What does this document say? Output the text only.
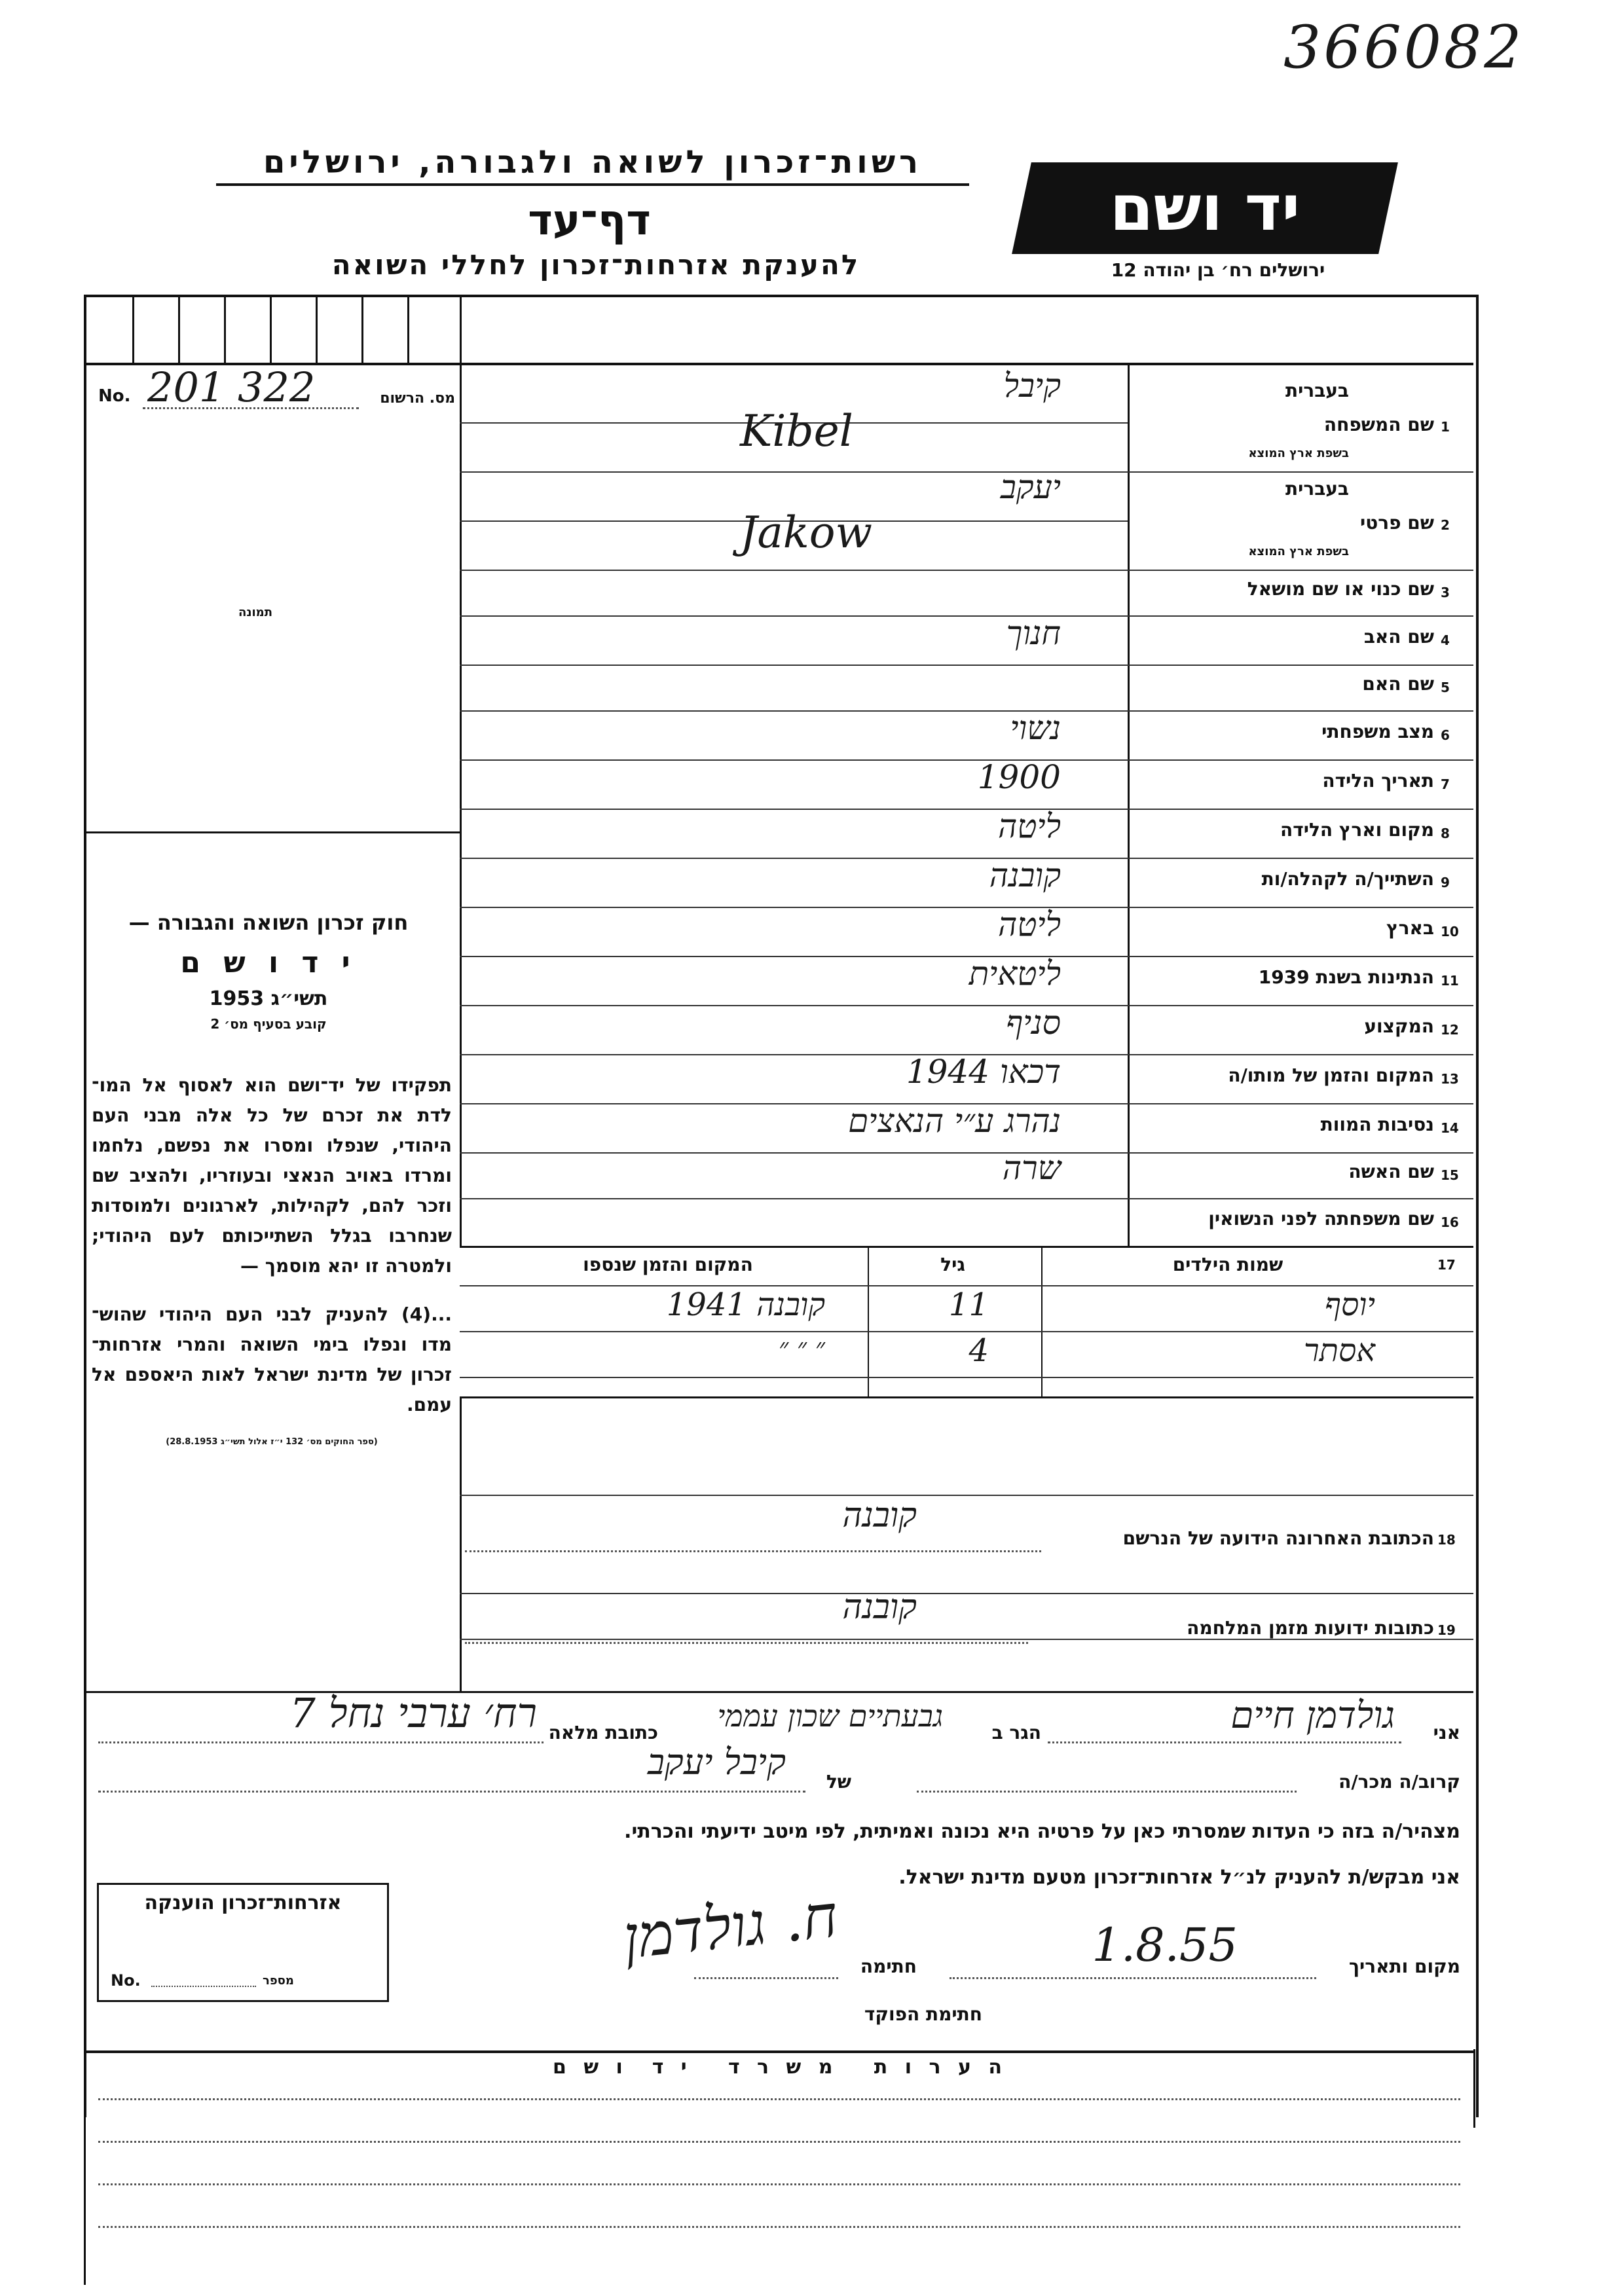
366082
רשות־זכרון לשואה ולגבורה, ירושלים
דף־עד
להענקת אזרחות־זכרון לחללי השואה
יד ושם
ירושלים רח׳ בן יהודה 12
No. 201 322	מס. הרשום
תמונה
חוק זכרון השואה והגבורה —
י ד ו ש ם
תשי״ג 1953
קובע בסעיף מס׳ 2
תפקידו של יד־ושם הוא לאסוף אל המו־ לדת את זכרם של כל אלה מבני העם היהודי, שנפלו ומסרו את נפשם, נלחמו ומרדו באויב הנאצי ובעוזריו, ולהציב שם וזכר להם, לקהילות, לארגונים ולמוסדות שנחרבו בגלל השתייכותם לעם היהודי; ולמטרה זו יהא מוסמך —
...(4) להעניק לבני העם היהודי שהוש־ מדו ונפלו בימי השואה והמרי אזרחות־ זכרון של מדינת ישראל לאות היאספם אל עמם.
(ספר החוקים מס׳ 132 י״ז אלול תשי״ג 28.8.1953)
1
שם המשפחה
בעברית
בשפת ארץ המוצא
Kibel
קיבל
2
שם פרטי
בעברית
בשפת ארץ המוצא
Jakow
יעקב
3
שם כנוי או שם מושאל
4
שם האב
חנוך
5
שם האם
6
מצב משפחתי
נשוי
7
תאריך הלידה
1900
8
מקום וארץ הלידה
ליטה
9
השתייך/ה לקהלה/ות
קובנה
10
בארץ
ליטה
11
הנתינות בשנת 1939
ליטאית
12
המקצוע
סניף
13
המקום והזמן של מותו/ה
דכאו 1944
14
נסיבות המוות
נהרג ע״י הנאצים
15
שם האשה
שרה
16
שם משפחתה לפני הנשואין
17
שמות הילדים
גיל
המקום והזמן שנספו
יוסף
11
קובנה 1941
אסתר
4
״ ״ ״
18
הכתובת האחרונה הידועה של הנרשם
קובנה
19
כתובות ידועות מזמן המלחמה
קובנה
אני
גולדמן חיים
הגר ב
גבעתיים שכון עממי
כתובת מלאה
רח׳ ערבי נחל 7
קרוב/ה מכר/ה
של
קיבל יעקב
מצהיר/ה בזה כי העדות שמסרתי כאן על פרטיה היא נכונה ואמיתית, לפי מיטב ידיעתי והכרתי.
אני מבקש/ת להעניק לנ״ל אזרחות־זכרון מטעם מדינת ישראל.
אזרחות־זכרון הוענקה
No.	מספר
מקום ותאריך
1.8.55
חתימה
ח. גולדמן
חתימת הפוקד
ה ע ר ו ת   מ ש ר ד   י ד  ו ש ם
